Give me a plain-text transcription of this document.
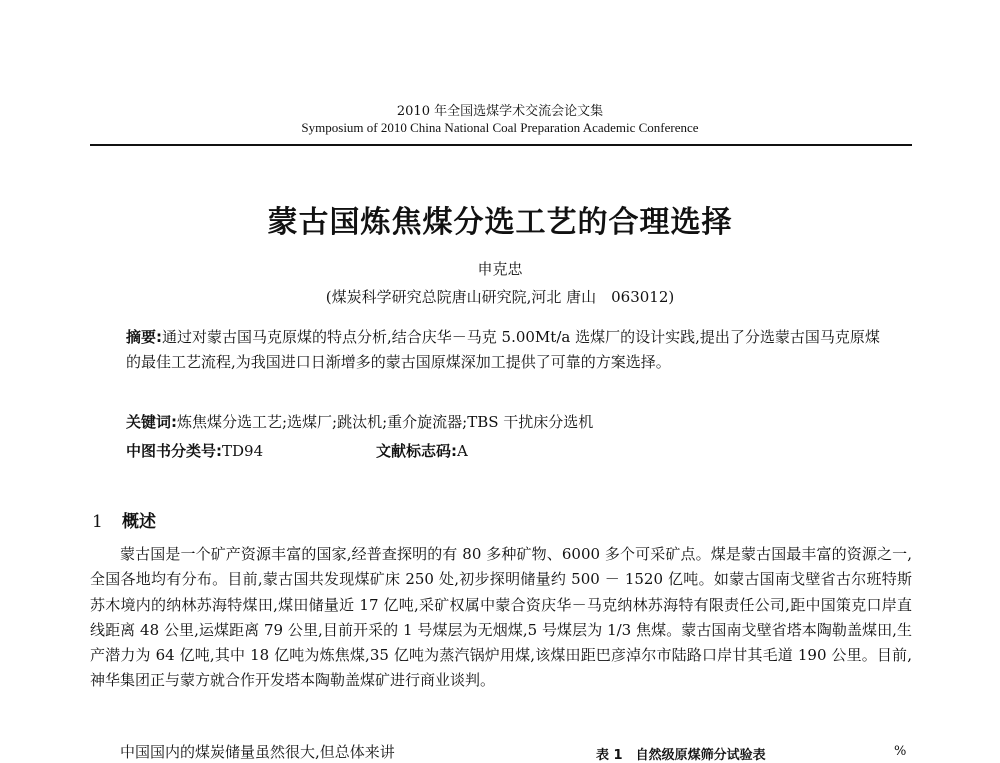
2010 年全国选煤学术交流会论文集
Symposium of 2010 China National Coal Preparation Academic Conference
蒙古国炼焦煤分选工艺的合理选择
申克忠
(煤炭科学研究总院唐山研究院,河北 唐山　063012)

摘要:通过对蒙古国马克原煤的特点分析,结合庆华－马克 5.00Mt/a 选煤厂的设计实践,提出了分选蒙古国马克原煤的最佳工艺流程,为我国进口日渐增多的蒙古国原煤深加工提供了可靠的方案选择。

关键词:炼焦煤分选工艺;选煤厂;跳汰机;重介旋流器;TBS 干扰床分选机
中图书分类号:TD94	文献标志码:A
1 概述

蒙古国是一个矿产资源丰富的国家,经普查探明的有 80 多种矿物、6000 多个可采矿点。煤是蒙古国最丰富的资源之一,全国各地均有分布。目前,蒙古国共发现煤矿床 250 处,初步探明储量约 500 － 1520 亿吨。如蒙古国南戈壁省古尔班特斯苏木境内的纳林苏海特煤田,煤田储量近 17 亿吨,采矿权属中蒙合资庆华－马克纳林苏海特有限责任公司,距中国策克口岸直线距离 48 公里,运煤距离 79 公里,目前开采的 1 号煤层为无烟煤,5 号煤层为 1/3 焦煤。蒙古国南戈壁省塔本陶勒盖煤田,生产潜力为 64 亿吨,其中 18 亿吨为炼焦煤,35 亿吨为蒸汽锅炉用煤,该煤田距巴彦淖尔市陆路口岸甘其毛道 190 公里。目前,神华集团正与蒙方就合作开发塔本陶勒盖煤矿进行商业谈判。

中国国内的煤炭储量虽然很大,但总体来讲	表 1　自然级原煤筛分试验表	%
